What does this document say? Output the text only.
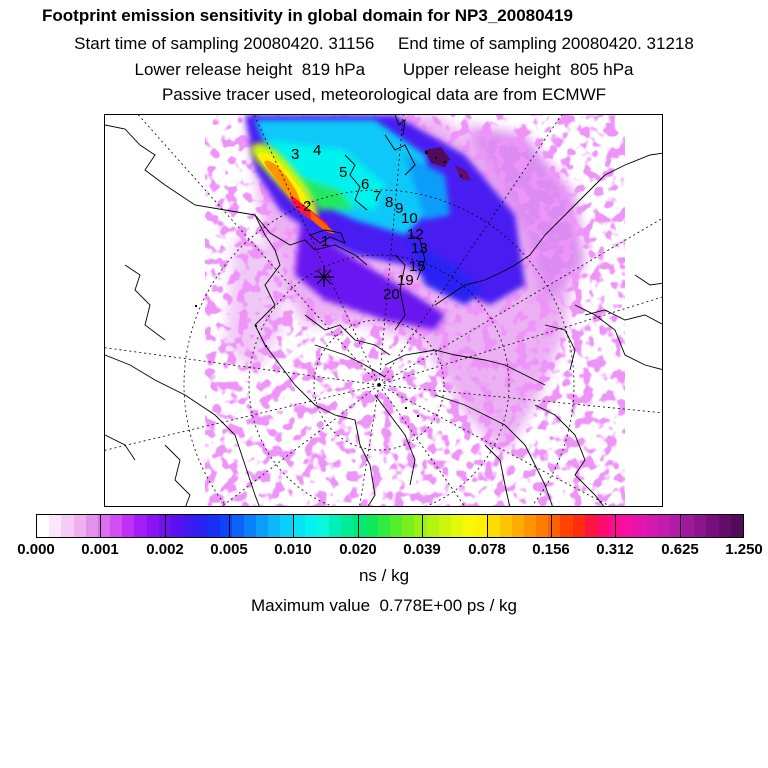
Footprint emission sensitivity in global domain for NP3_20080419
Start time of sampling 20080420. 31156     End time of sampling 20080420. 31218
Lower release height  819 hPa        Upper release height  805 hPa
Passive tracer used, meteorological data are from ECMWF
1
2
3 4
5
6
7 8 9
10
12
13
15
19
20
ns / kg
Maximum value  0.778E+00 ps / kg
0.000 0.001 0.002 0.005 0.010 0.020 0.039 0.078 0.156 0.312 0.625 1.250
